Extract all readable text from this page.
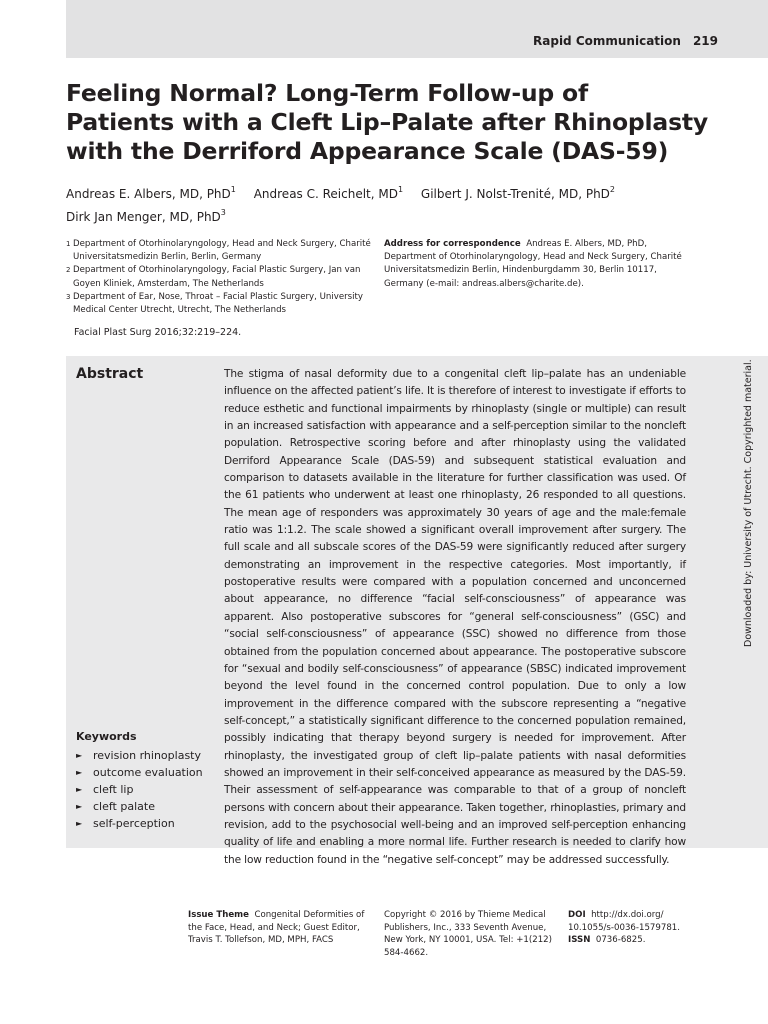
Rapid Communication 219
Feeling Normal? Long-Term Follow-up of
Patients with a Cleft Lip–Palate after Rhinoplasty
with the Derriford Appearance Scale (DAS-59)
Andreas E. Albers, MD, PhD$^1$ Andreas C. Reichelt, $MD^1$ Gilbert J. Nolst-Trenité, MD, PhD$^2$
Dirk Jan Menger, MD, PhD$^3$
1 Department of Otorhinolaryngology, Head and Neck Surgery, Charité Universitatsmedizin Berlin, Berlin, Germany
2 Department of Otorhinolaryngology, Facial Plastic Surgery, Jan van Goyen Kliniek, Amsterdam, The Netherlands
3 Department of Ear, Nose, Throat – Facial Plastic Surgery, University Medical Center Utrecht, Utrecht, The Netherlands
Address for correspondence Andreas E. Albers, MD, PhD, Department of Otorhinolaryngology, Head and Neck Surgery, Charité Universitatsmedizin Berlin, Hindenburgdamm 30, Berlin 10117, Germany (e-mail: andreas.albers@charite.de).
Facial Plast Surg 2016;32:219–224.
Abstract	The stigma of nasal deformity due to a congenital cleft lip–palate has an undeniable influence on the affected patient’s life. It is therefore of interest to investigate if efforts to reduce esthetic and functional impairments by rhinoplasty (single or multiple) can result in an increased satisfaction with appearance and a self-perception similar to the noncleft population. Retrospective scoring before and after rhinoplasty using the validated Derriford Appearance Scale (DAS-59) and subsequent statistical evaluation and comparison to datasets available in the literature for further classification was used. Of the 61 patients who underwent at least one rhinoplasty, 26 responded to all questions. The mean age of responders was approximately 30 years of age and the male:female ratio was 1:1.2. The scale showed a significant overall improvement after surgery. The full scale and all subscale scores of the DAS-59 were significantly reduced after surgery demonstrating an improvement in the respective categories. Most importantly, if postoperative results were compared with a population concerned and unconcerned about appearance, no difference “facial self-consciousness” of appearance was apparent. Also postoperative subscores for “general self-consciousness” (GSC) and “social self-consciousness” of appearance (SSC) showed no difference from those obtained from the population concerned about appearance. The postoperative subscore for “sexual and bodily self-consciousness” of appearance (SBSC) indicated improvement beyond the level found in the concerned control population. Due to only a low improvement in the difference compared with the subscore representing a “negative self-concept,” a statistically significant difference to the concerned population remained, possibly indicating that therapy beyond surgery is needed for improvement. After rhinoplasty, the investigated group of cleft lip–palate patients with nasal deformities showed an improvement in their self-conceived appearance as measured by the DAS-59. Their assessment of self-appearance was comparable to that of a group of noncleft persons with concern about their appearance. Taken together, rhinoplasties, primary and revision, add to the psychosocial well-being and an improved self-perception enhancing quality of life and enabling a more normal life. Further research is needed to clarify how the low reduction found in the “negative self-concept” may be addressed successfully.
Keywords
► revision rhinoplasty
► outcome evaluation
► cleft lip
► cleft palate
► self-perception
Downloaded by: University of Utrecht. Copyrighted material.
Issue Theme Congenital Deformities of the Face, Head, and Neck; Guest Editor, Travis T. Tollefson, MD, MPH, FACS
Copyright © 2016 by Thieme Medical Publishers, Inc., 333 Seventh Avenue, New York, NY 10001, USA. Tel: +1(212) 584-4662.
DOI http://dx.doi.org/ 10.1055/s-0036-1579781.
ISSN 0736-6825.
